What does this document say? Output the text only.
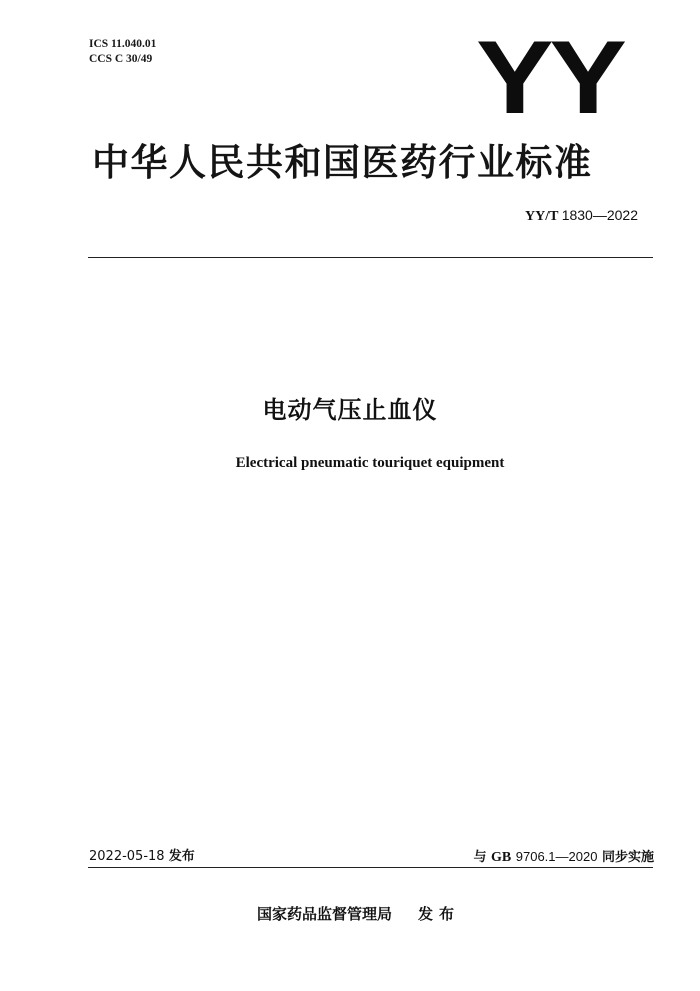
ICS 11.040.01
CCS C 30/49	YY
中华人民共和国医药行业标准
YY/T 1830—2022
电动气压止血仪
Electrical pneumatic touriquet equipment
2022-05-18 发布	与 GB 9706.1—2020 同步实施
国家药品监督管理局 发布
